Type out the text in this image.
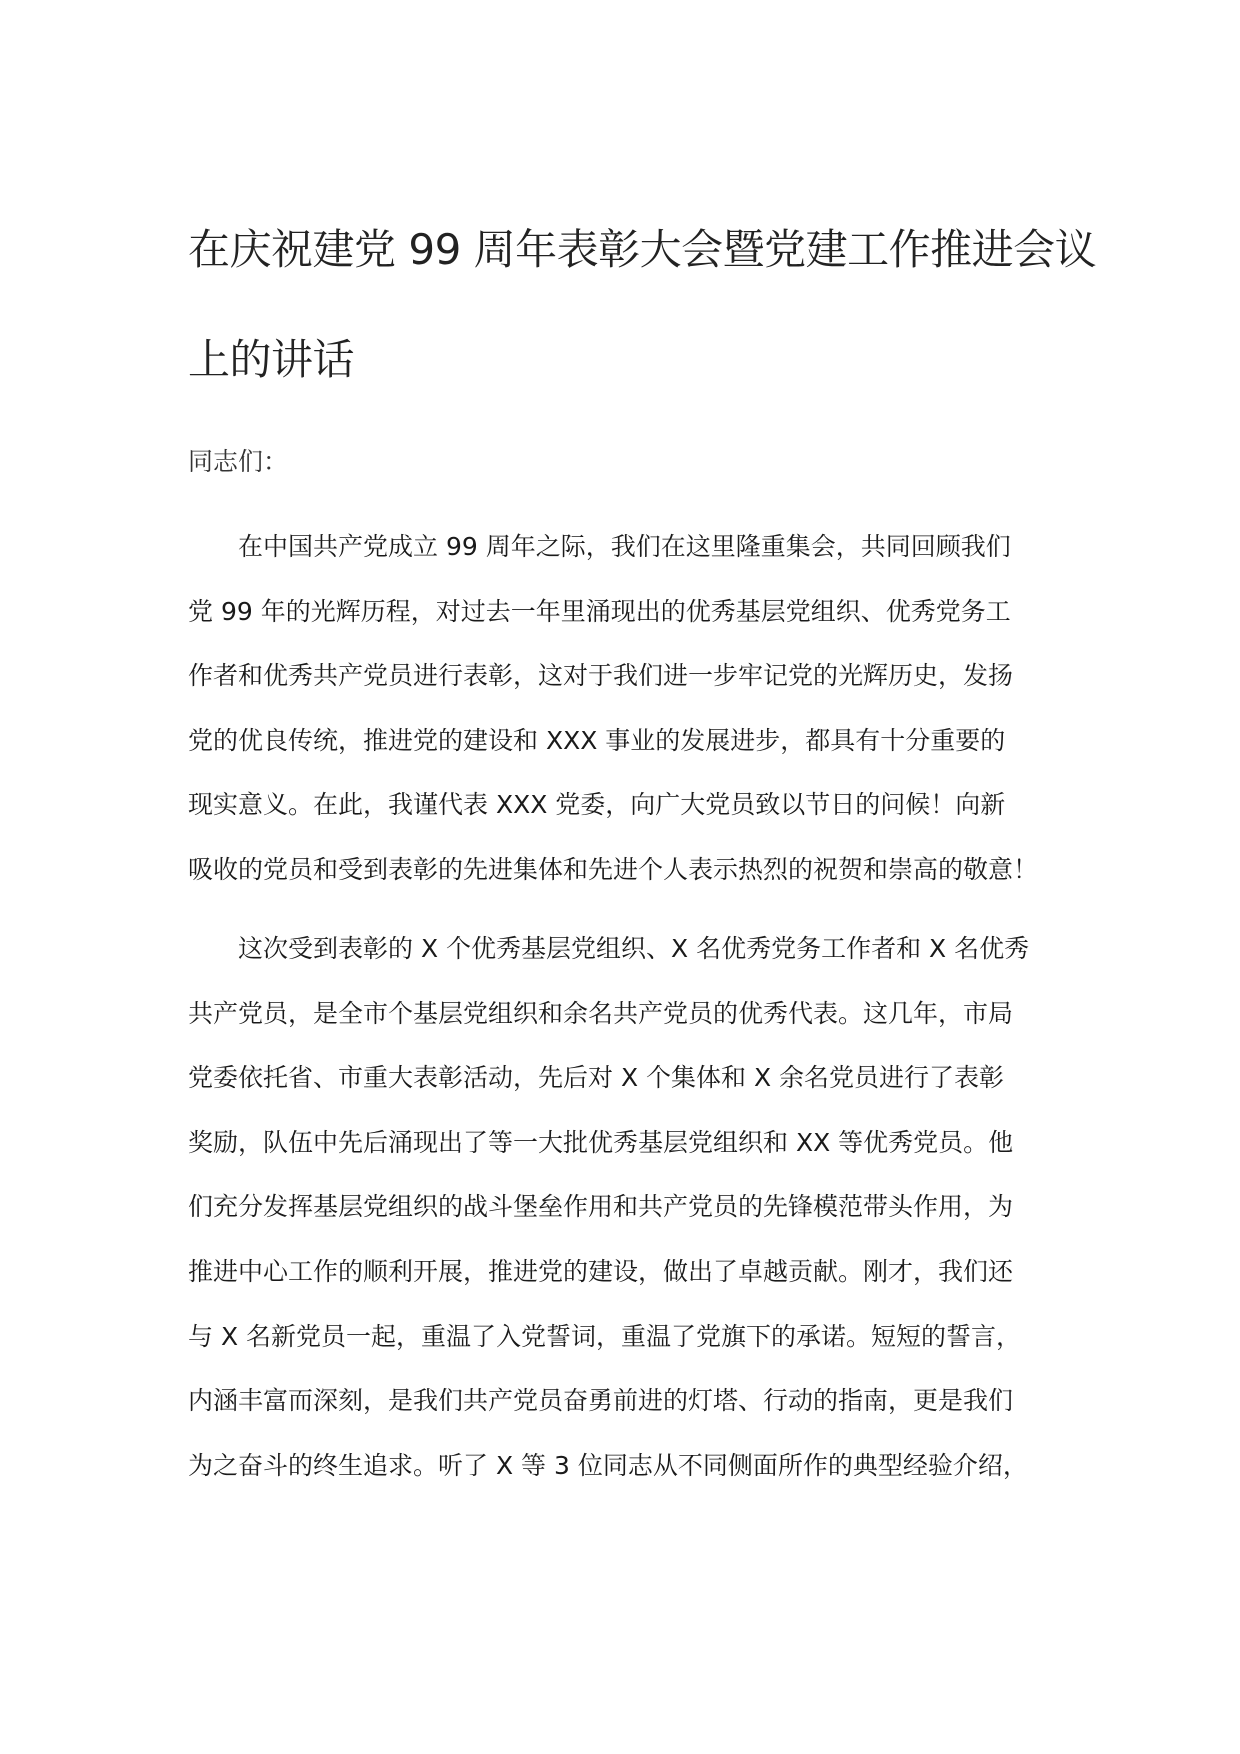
在庆祝建党 99 周年表彰大会暨党建工作推进会议
上的讲话

同志们：

在中国共产党成立 99 周年之际，我们在这里隆重集会，共同回顾我们
党 99 年的光辉历程，对过去一年里涌现出的优秀基层党组织、优秀党务工
作者和优秀共产党员进行表彰，这对于我们进一步牢记党的光辉历史，发扬
党的优良传统，推进党的建设和 XXX 事业的发展进步，都具有十分重要的
现实意义。在此，我谨代表 XXX 党委，向广大党员致以节日的问候！向新
吸收的党员和受到表彰的先进集体和先进个人表示热烈的祝贺和崇高的敬意！
这次受到表彰的 X 个优秀基层党组织、X 名优秀党务工作者和 X 名优秀
共产党员，是全市个基层党组织和余名共产党员的优秀代表。这几年，市局
党委依托省、市重大表彰活动，先后对 X 个集体和 X 余名党员进行了表彰
奖励，队伍中先后涌现出了等一大批优秀基层党组织和 XX 等优秀党员。他
们充分发挥基层党组织的战斗堡垒作用和共产党员的先锋模范带头作用，为
推进中心工作的顺利开展，推进党的建设，做出了卓越贡献。刚才，我们还
与 X 名新党员一起，重温了入党誓词，重温了党旗下的承诺。短短的誓言，
内涵丰富而深刻，是我们共产党员奋勇前进的灯塔、行动的指南，更是我们
为之奋斗的终生追求。听了 X 等 3 位同志从不同侧面所作的典型经验介绍，
